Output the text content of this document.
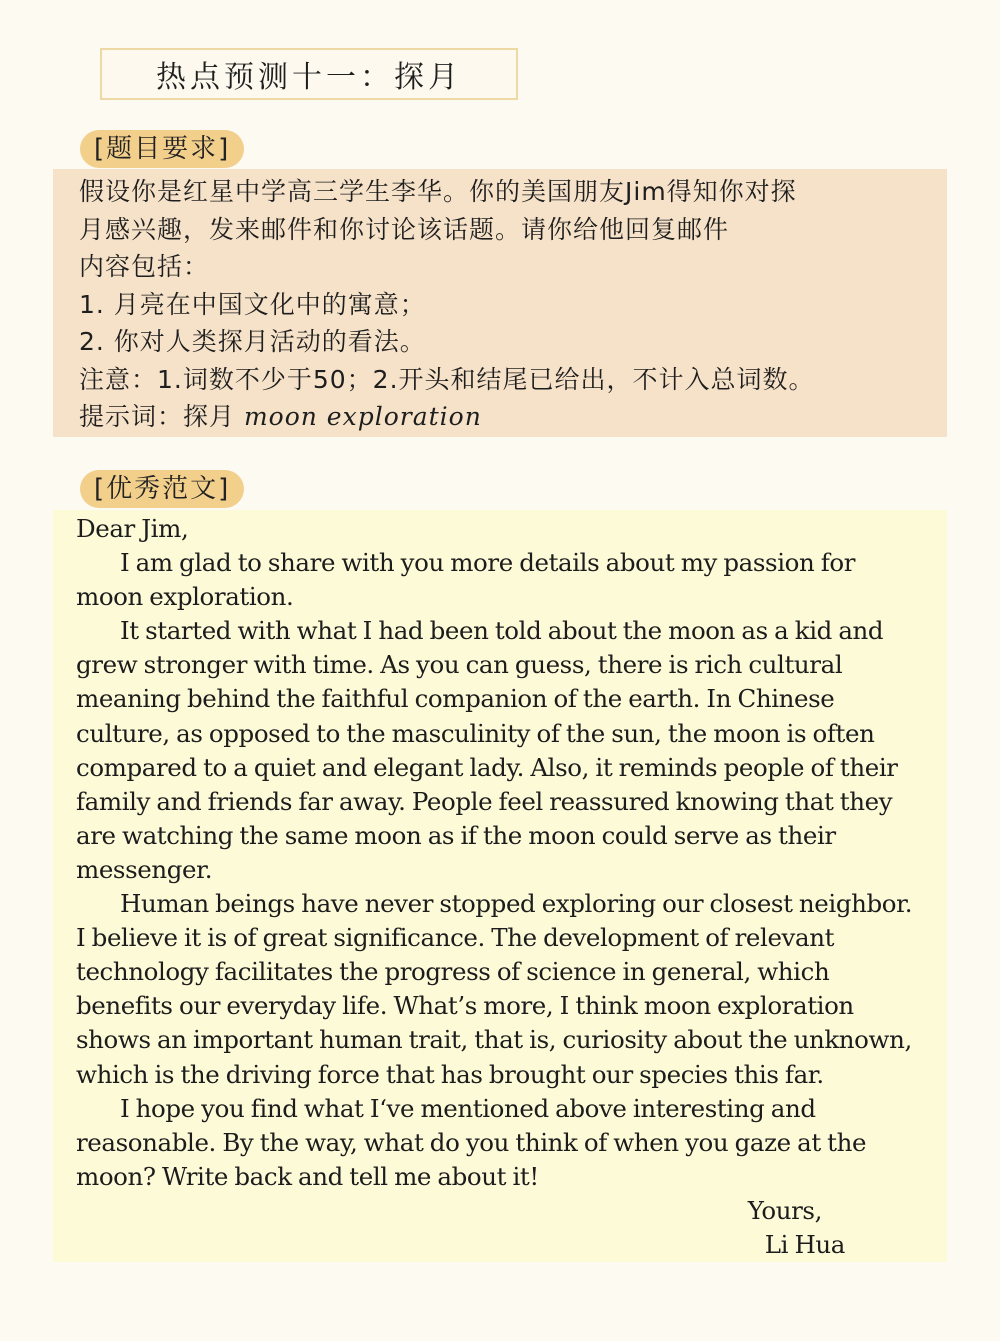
热点预测十一：探月
[题目要求]
假设你是红星中学高三学生李华。你的美国朋友Jim得知你对探
月感兴趣，发来邮件和你讨论该话题。请你给他回复邮件
内容包括：
1. 月亮在中国文化中的寓意；
2. 你对人类探月活动的看法。
注意：1.词数不少于50；2.开头和结尾已给出，不计入总词数。
提示词：探月 moon exploration
[优秀范文]

Dear Jim,

I am glad to share with you more details about my passion for moon exploration.

It started with what I had been told about the moon as a kid and grew stronger with time. As you can guess, there is rich cultural meaning behind the faithful companion of the earth. In Chinese culture, as opposed to the masculinity of the sun, the moon is often compared to a quiet and elegant lady. Also, it reminds people of their family and friends far away. People feel reassured knowing that they are watching the same moon as if the moon could serve as their messenger.

Human beings have never stopped exploring our closest neighbor. I believe it is of great significance. The development of relevant technology facilitates the progress of science in general, which benefits our everyday life. What’s more, I think moon exploration shows an important human trait, that is, curiosity about the unknown, which is the driving force that has brought our species this far.

I hope you find what I‘ve mentioned above interesting and reasonable. By the way, what do you think of when you gaze at the moon? Write back and tell me about it!

Yours,

Li Hua
